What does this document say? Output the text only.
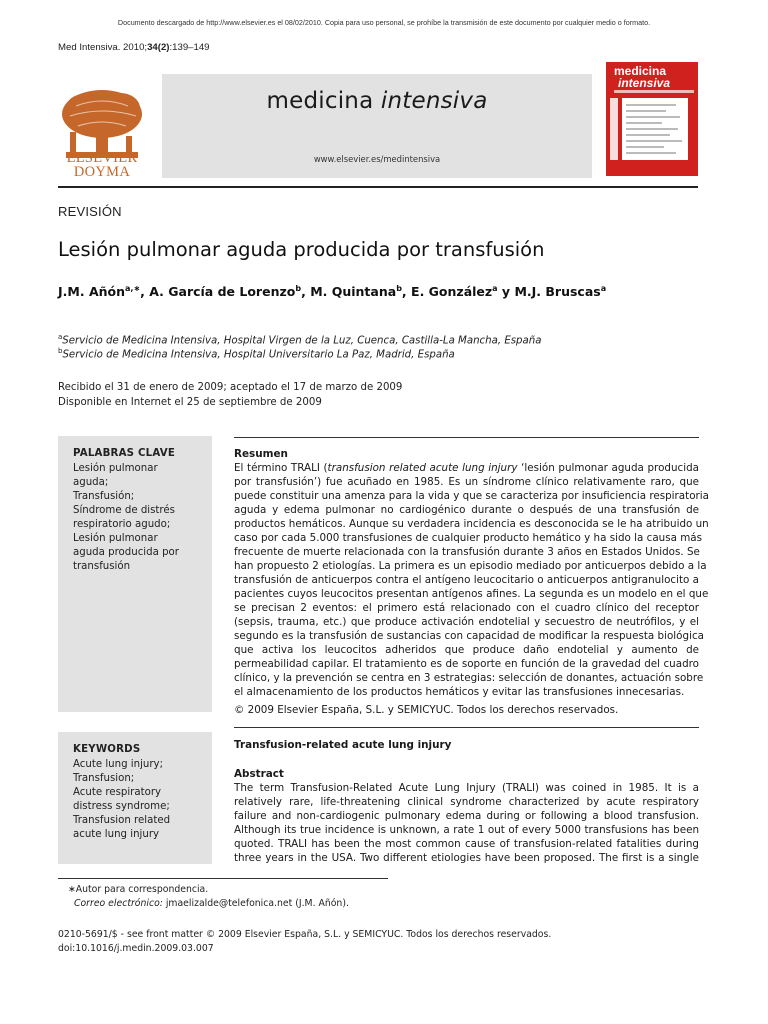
Documento descargado de http://www.elsevier.es el 08/02/2010. Copia para uso personal, se prohíbe la transmisión de este documento por cualquier medio o formato.
Med Intensiva. 2010;34(2):139–149
ELSEVIER
DOYMA
medicina intensiva
www.elsevier.es/medintensiva
medicina
intensiva
REVISIÓN
Lesión pulmonar aguda producida por transfusión
J.M. Añón$^{a,∗}$, A. García de Lorenzo$^b$, M. Quintana$^b$, E. González$^a$ y M.J. Bruscas$^a$
$^a$Servicio de Medicina Intensiva, Hospital Virgen de la Luz, Cuenca, Castilla-La Mancha, España
$^b$Servicio de Medicina Intensiva, Hospital Universitario La Paz, Madrid, España
Recibido el 31 de enero de 2009; aceptado el 17 de marzo de 2009
Disponible en Internet el 25 de septiembre de 2009
PALABRAS CLAVE
Lesión pulmonar
aguda;
Transfusión;
Síndrome de distrés
respiratorio agudo;
Lesión pulmonar
aguda producida por
transfusión
KEYWORDS
Acute lung injury;
Transfusion;
Acute respiratory
distress syndrome;
Transfusion related
acute lung injury
Resumen
El término TRALI (transfusion related acute lung injury ‘lesión pulmonar aguda producida
por transfusión’) fue acuñado en 1985. Es un síndrome clínico relativamente raro, que
puede constituir una amenza para la vida y que se caracteriza por insuficiencia respiratoria
aguda y edema pulmonar no cardiogénico durante o después de una transfusión de
productos hemáticos. Aunque su verdadera incidencia es desconocida se le ha atribuido un
caso por cada 5.000 transfusiones de cualquier producto hemático y ha sido la causa más
frecuente de muerte relacionada con la transfusión durante 3 años en Estados Unidos. Se
han propuesto 2 etiologías. La primera es un episodio mediado por anticuerpos debido a la
transfusión de anticuerpos contra el antígeno leucocitario o anticuerpos antigranulocito a
pacientes cuyos leucocitos presentan antígenos afines. La segunda es un modelo en el que
se precisan 2 eventos: el primero está relacionado con el cuadro clínico del receptor
(sepsis, trauma, etc.) que produce activación endotelial y secuestro de neutrófilos, y el
segundo es la transfusión de sustancias con capacidad de modificar la respuesta biológica
que activa los leucocitos adheridos que produce daño endotelial y aumento de
permeabilidad capilar. El tratamiento es de soporte en función de la gravedad del cuadro
clínico, y la prevención se centra en 3 estrategias: selección de donantes, actuación sobre
el almacenamiento de los productos hemáticos y evitar las transfusiones innecesarias.
© 2009 Elsevier España, S.L. y SEMICYUC. Todos los derechos reservados.
Transfusion-related acute lung injury
Abstract
The term Transfusion-Related Acute Lung Injury (TRALI) was coined in 1985. It is a
relatively rare, life-threatening clinical syndrome characterized by acute respiratory
failure and non-cardiogenic pulmonary edema during or following a blood transfusion.
Although its true incidence is unknown, a rate 1 out of every 5000 transfusions has been
quoted. TRALI has been the most common cause of transfusion-related fatalities during
three years in the USA. Two different etiologies have been proposed. The first is a single
∗Autor para correspondencia.
Correo electrónico: jmaelizalde@telefonica.net (J.M. Añón).
0210-5691/$ - see front matter © 2009 Elsevier España, S.L. y SEMICYUC. Todos los derechos reservados.
doi:10.1016/j.medin.2009.03.007
